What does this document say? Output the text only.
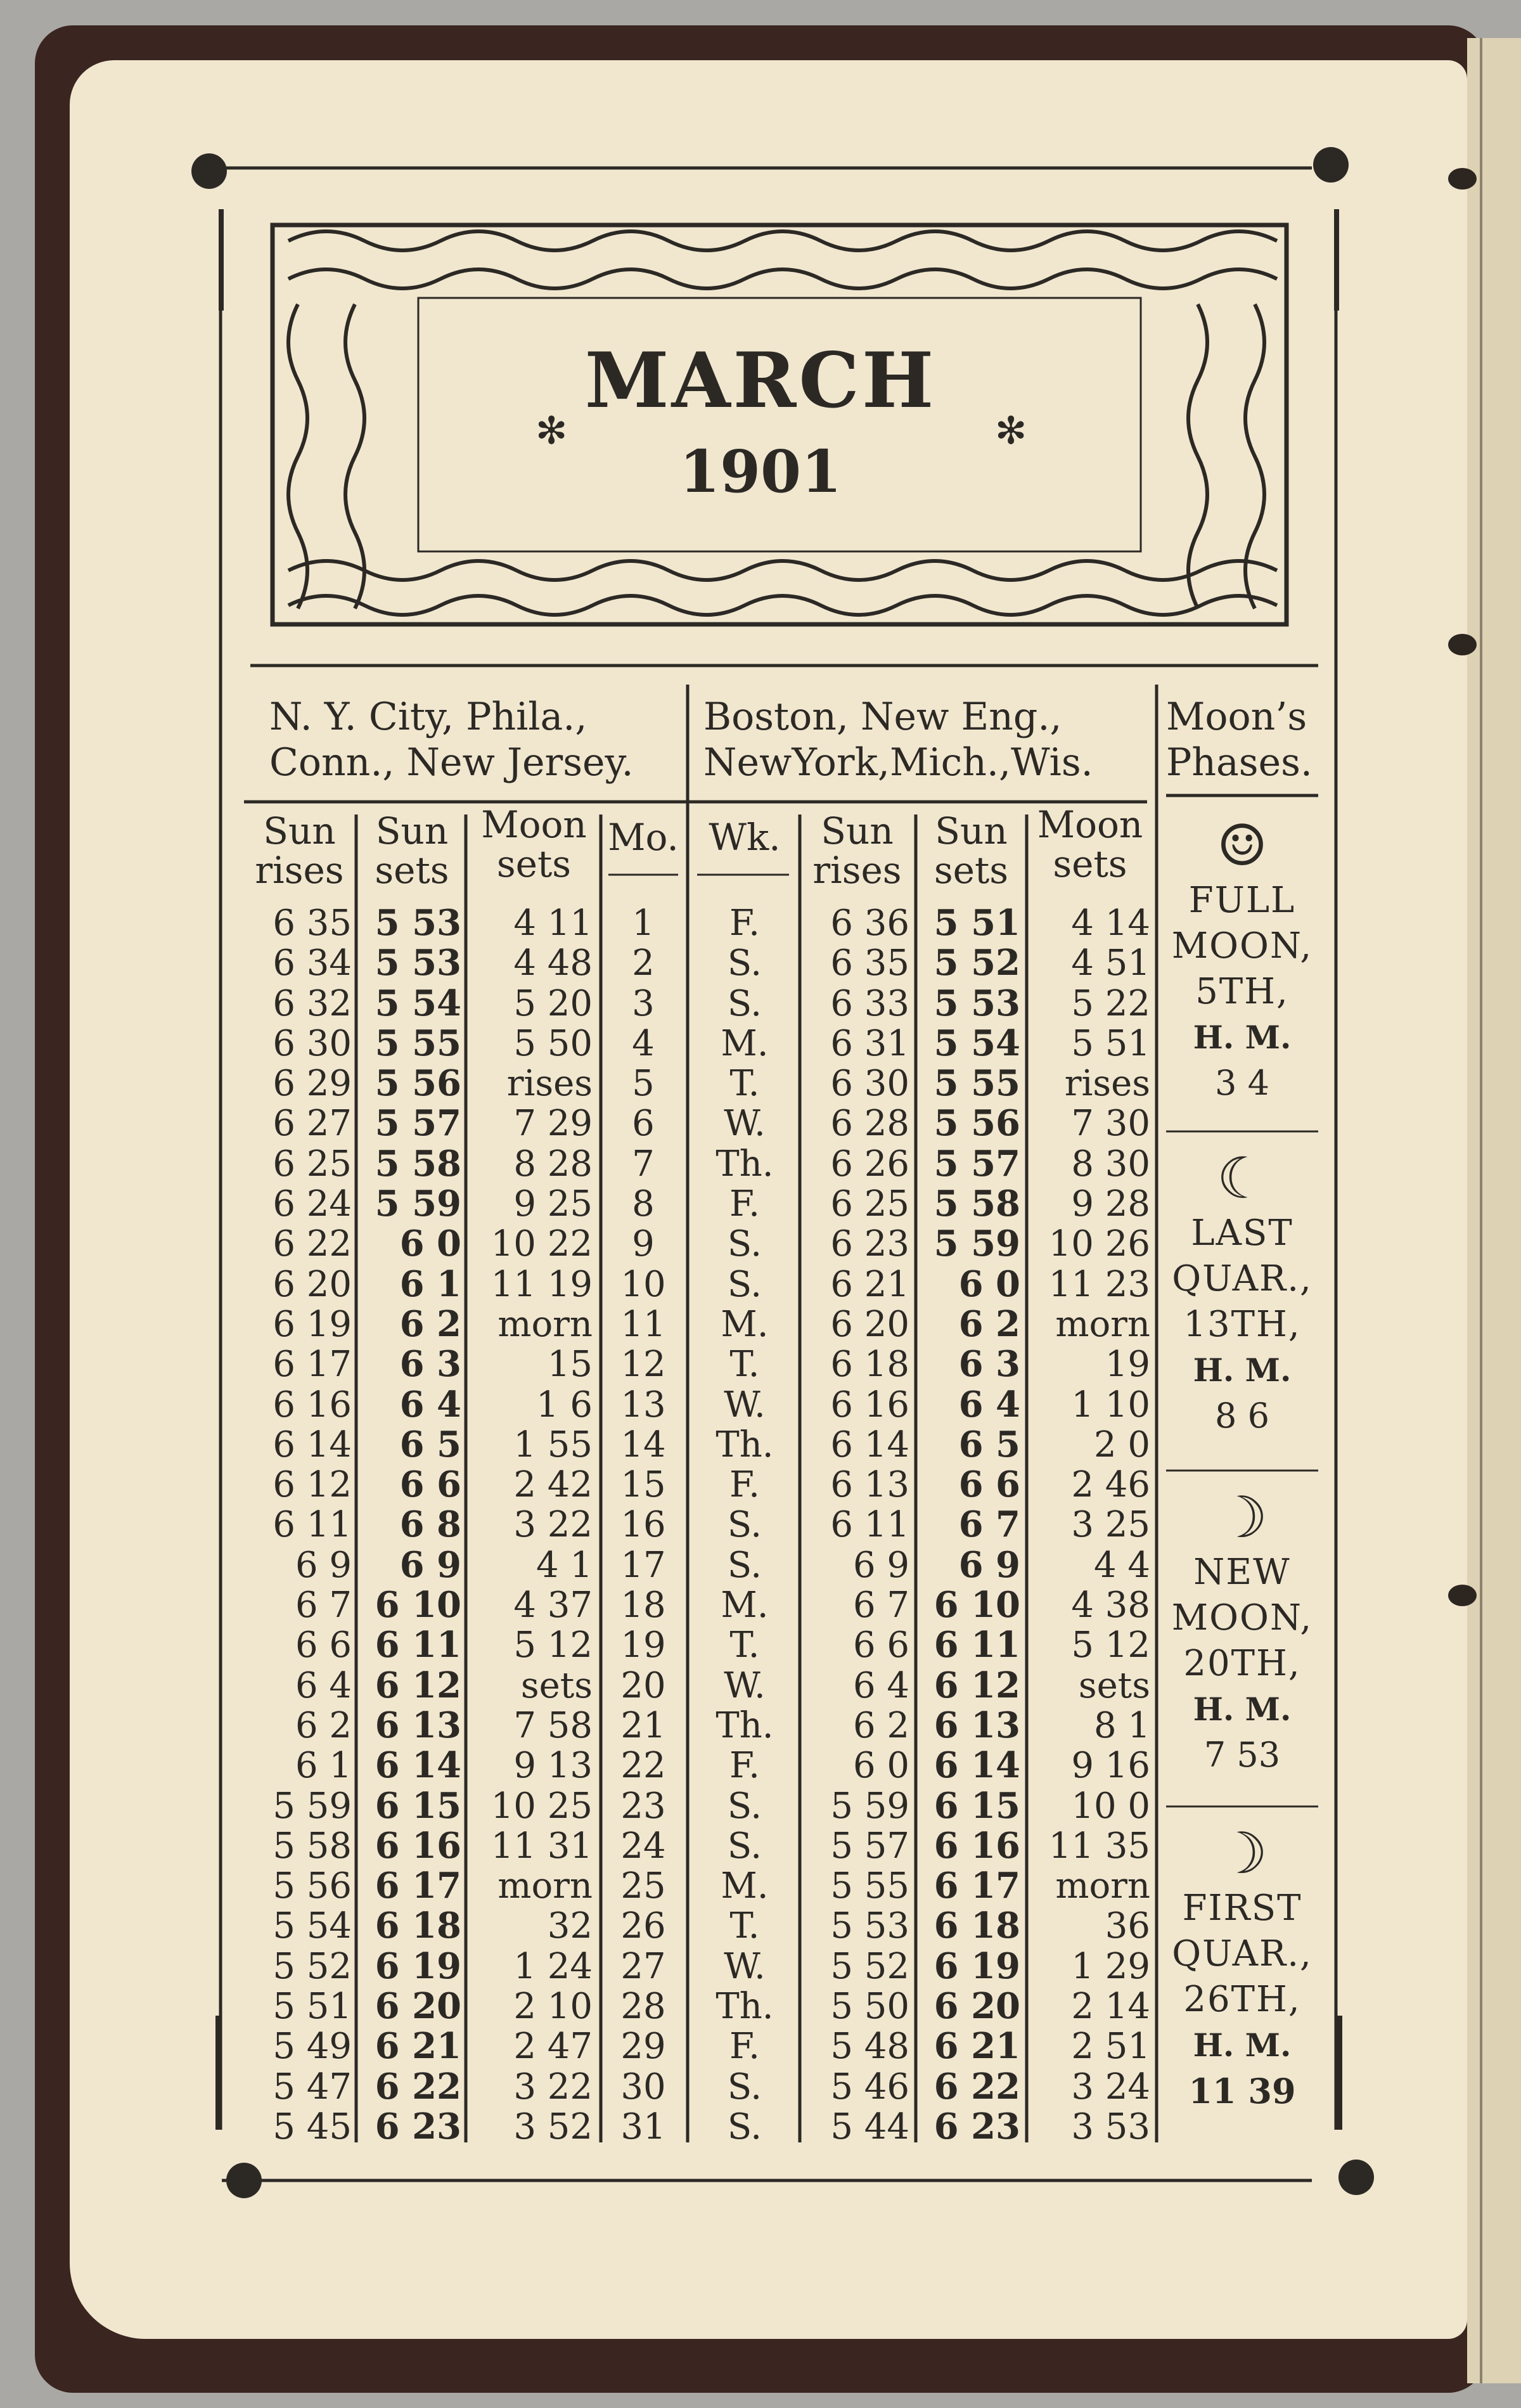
✻	✻
MARCH
1901
N. Y. City, Phila.,
Conn., New Jersey.
Boston, New Eng.,
NewYork,Mich.,Wis.
Moon’s
Phases.
Sun
rises
Sun
sets
Moon
sets
Mo. Wk.	Sun
rises
Sun
sets
Moon
sets
6 35
6 34
6 32
6 30
6 29
6 27
6 25
6 24
6 22
6 20
6 19
6 17
6 16
6 14
6 12
6 11
6 9
6 7
6 6
6 4
6 2
6 1
5 59
5 58
5 56
5 54
5 52
5 51
5 49
5 47
5 45
5 53
5 53
5 54
5 55
5 56
5 57
5 58
5 59
6 0
6 1
6 2
6 3
6 4
6 5
6 6
6 8
6 9
6 10
6 11
6 12
6 13
6 14
6 15
6 16
6 17
6 18
6 19
6 20
6 21
6 22
6 23
4 11
4 48
5 20
5 50
rises
7 29
8 28
9 25
10 22
11 19
morn
15
1 6
1 55
2 42
3 22
4 1
4 37
5 12
sets
7 58
9 13
10 25
11 31
morn
32
1 24
2 10
2 47
3 22
3 52
1
2
3
4
5
6
7
8
9
10
11
12
13
14
15
16
17
18
19
20
21
22
23
24
25
26
27
28
29
30
31
F.
S.
S.
M.
T.
W.
Th.
F.
S.
S.
M.
T.
W.
Th.
F.
S.
S.
M.
T.
W.
Th.
F.
S.
S.
M.
T.
W.
Th.
F.
S.
S.
6 36
6 35
6 33
6 31
6 30
6 28
6 26
6 25
6 23
6 21
6 20
6 18
6 16
6 14
6 13
6 11
6 9
6 7
6 6
6 4
6 2
6 0
5 59
5 57
5 55
5 53
5 52
5 50
5 48
5 46
5 44
5 51
5 52
5 53
5 54
5 55
5 56
5 57
5 58
5 59
6 0
6 2
6 3
6 4
6 5
6 6
6 7
6 9
6 10
6 11
6 12
6 13
6 14
6 15
6 16
6 17
6 18
6 19
6 20
6 21
6 22
6 23
4 14
4 51
5 22
5 51
rises
7 30
8 30
9 28
10 26
11 23
morn
19
1 10
2 0
2 46
3 25
4 4
4 38
5 12
sets
8 1
9 16
10 0
11 35
morn
36
1 29
2 14
2 51
3 24
3 53
☺
FULL
MOON,
5TH,
H. M.
3 4
☾
LAST
QUAR.,
13TH,
H. M.
8 6
☽
NEW
MOON,
20TH,
H. M.
7 53
☽
FIRST
QUAR.,
26TH,
H. M.
11 39
